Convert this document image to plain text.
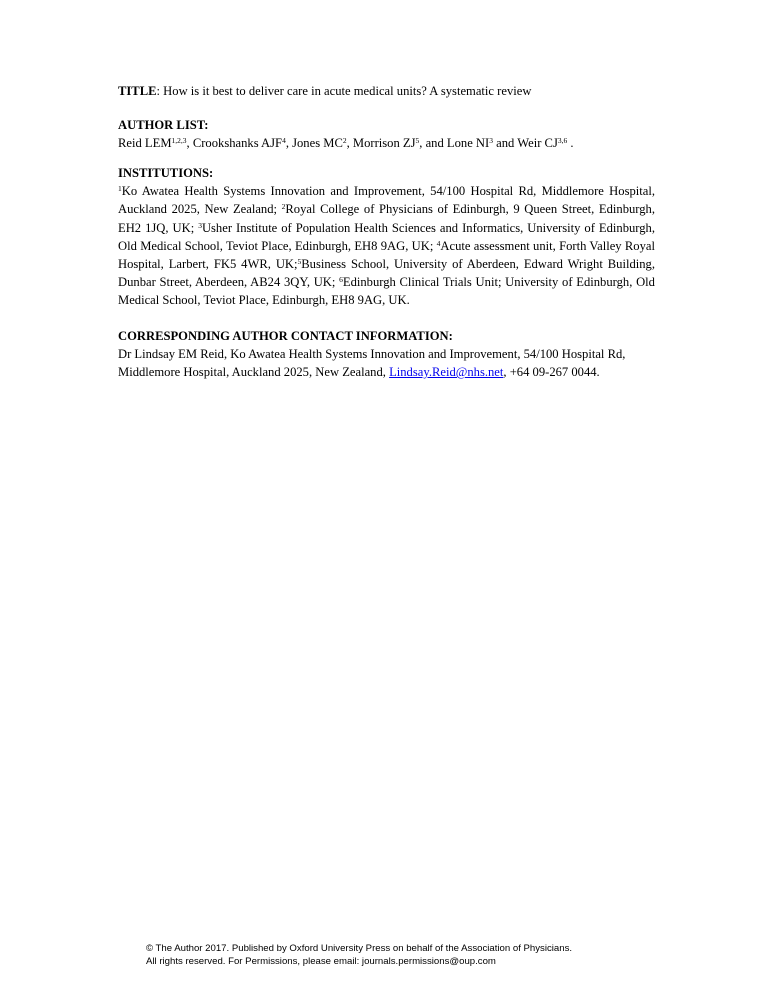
TITLE: How is it best to deliver care in acute medical units? A systematic review

AUTHOR LIST:

Reid LEM$^{1,2,3}$, Crookshanks AJF$^4$, Jones $MC^2$, Morrison $ZJ^5$, and Lone $NI^3$ and Weir CJ$^{3,6}$ .

INSTITUTIONS:

$^1$Ko Awatea Health Systems Innovation and Improvement, 54/100 Hospital Rd, Middlemore Hospital, Auckland 2025, New Zealand; $^2$Royal College of Physicians of Edinburgh, 9 Queen Street, Edinburgh, EH2 1JQ, UK; $^3$Usher Institute of Population Health Sciences and Informatics, University of Edinburgh, Old Medical School, Teviot Place, Edinburgh, EH8 9AG, UK; $^4$Acute assessment unit, Forth Valley Royal Hospital, Larbert, FK5 4WR, UK;$^5$Business School, University of Aberdeen, Edward Wright Building, Dunbar Street, Aberdeen, AB24 3QY, UK; $^6$Edinburgh Clinical Trials Unit; University of Edinburgh, Old Medical School, Teviot Place, Edinburgh, EH8 9AG, UK.

CORRESPONDING AUTHOR CONTACT INFORMATION:

Dr Lindsay EM Reid, Ko Awatea Health Systems Innovation and Improvement, 54/100 Hospital Rd,

Middlemore Hospital, Auckland 2025, New Zealand, Lindsay.Reid@nhs.net, +64 09-267 0044.

© The Author 2017. Published by Oxford University Press on behalf of the Association of Physicians.
All rights reserved. For Permissions, please email: journals.permissions@oup.com
